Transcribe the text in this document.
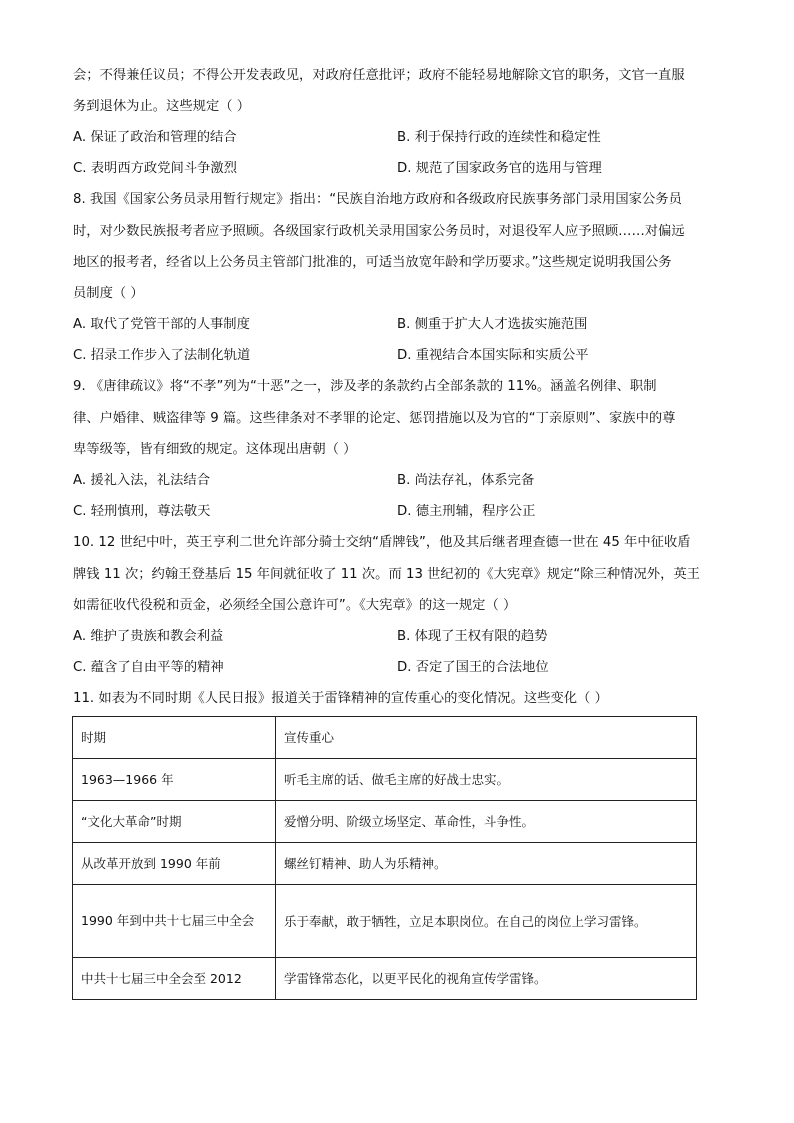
会；不得兼任议员；不得公开发表政见，对政府任意批评；政府不能轻易地解除文官的职务，文官一直服
务到退休为止。这些规定（ ）
A. 保证了政治和管理的结合	B. 利于保持行政的连续性和稳定性
C. 表明西方政党间斗争激烈	D. 规范了国家政务官的选用与管理
8. 我国《国家公务员录用暂行规定》指出：“民族自治地方政府和各级政府民族事务部门录用国家公务员
时，对少数民族报考者应予照顾。各级国家行政机关录用国家公务员时，对退役军人应予照顾……对偏远
地区的报考者，经省以上公务员主管部门批准的，可适当放宽年龄和学历要求。”这些规定说明我国公务
员制度（ ）
A. 取代了党管干部的人事制度	B. 侧重于扩大人才选拔实施范围
C. 招录工作步入了法制化轨道	D. 重视结合本国实际和实质公平
9. 《唐律疏议》将“不孝”列为“十恶”之一，涉及孝的条款约占全部条款的 11%。涵盖名例律、职制
律、户婚律、贼盗律等 9 篇。这些律条对不孝罪的论定、惩罚措施以及为官的“丁亲原则”、家族中的尊
卑等级等，皆有细致的规定。这体现出唐朝（ ）
A. 援礼入法，礼法结合	B. 尚法存礼，体系完备
C. 轻刑慎刑，尊法敬天	D. 德主刑辅，程序公正
10. 12 世纪中叶，英王亨利二世允许部分骑士交纳“盾牌钱”，他及其后继者理查德一世在 45 年中征收盾
牌钱 11 次；约翰王登基后 15 年间就征收了 11 次。而 13 世纪初的《大宪章》规定“除三种情况外，英王
如需征收代役税和贡金，必须经全国公意许可”。《大宪章》的这一规定（ ）
A. 维护了贵族和教会利益	B. 体现了王权有限的趋势
C. 蕴含了自由平等的精神	D. 否定了国王的合法地位
11. 如表为不同时期《人民日报》报道关于雷锋精神的宣传重心的变化情况。这些变化（ ）
时期	宣传重心
1963—1966 年	听毛主席的话、做毛主席的好战士忠实。
“文化大革命”时期	爱憎分明、阶级立场坚定、革命性，斗争性。
从改革开放到 1990 年前	螺丝钉精神、助人为乐精神。
1990 年到中共十七届三中全会	乐于奉献，敢于牺牲，立足本职岗位。在自己的岗位上学习雷锋。
中共十七届三中全会至 2012	学雷锋常态化，以更平民化的视角宣传学雷锋。
